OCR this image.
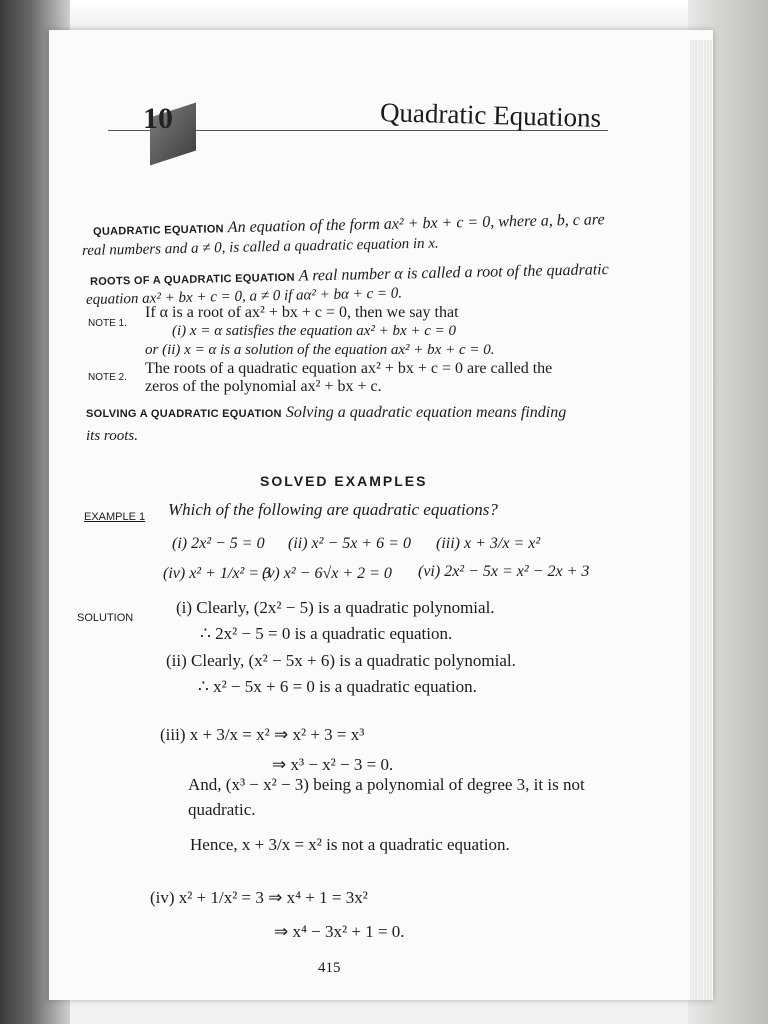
10	Quadratic Equations
QUADRATIC EQUATION An equation of the form ax² + bx + c = 0, where a, b, c are
real numbers and a ≠ 0, is called a quadratic equation in x.
ROOTS OF A QUADRATIC EQUATION A real number α is called a root of the quadratic
equation ax² + bx + c = 0, a ≠ 0 if aα² + bα + c = 0.
NOTE 1.
If α is a root of ax² + bx + c = 0, then we say that
(i) x = α satisfies the equation ax² + bx + c = 0
or (ii) x = α is a solution of the equation ax² + bx + c = 0.
NOTE 2.
The roots of a quadratic equation ax² + bx + c = 0 are called the
zeros of the polynomial ax² + bx + c.
SOLVING A QUADRATIC EQUATION Solving a quadratic equation means finding
its roots.
SOLVED EXAMPLES
EXAMPLE 1 Which of the following are quadratic equations?
(i) 2x² − 5 = 0 (ii) x² − 5x + 6 = 0 (iii) x + 3/x = x²
(iv) x² + 1/x² = 3
(v) x² − 6√x + 2 = 0 (vi) 2x² − 5x = x² − 2x + 3
SOLUTION
(i) Clearly, (2x² − 5) is a quadratic polynomial.
∴ 2x² − 5 = 0 is a quadratic equation.
(ii) Clearly, (x² − 5x + 6) is a quadratic polynomial.
∴ x² − 5x + 6 = 0 is a quadratic equation.
(iii) x + 3/x = x² ⇒ x² + 3 = x³
⇒ x³ − x² − 3 = 0.
And, (x³ − x² − 3) being a polynomial of degree 3, it is not
quadratic.
Hence, x + 3/x = x² is not a quadratic equation.
(iv) x² + 1/x² = 3 ⇒ x⁴ + 1 = 3x²
⇒ x⁴ − 3x² + 1 = 0.
415
